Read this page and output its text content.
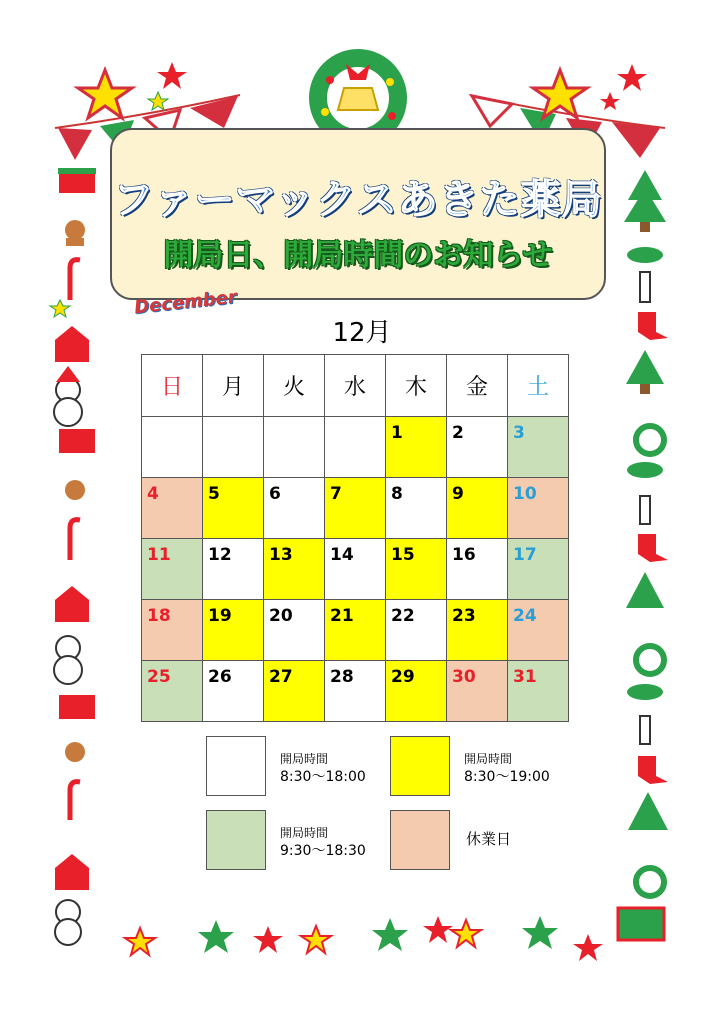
ファーマックスあきた薬局
開局日、開局時間のお知らせ
December
12月
日	月	火	水	木	金	土

				1	2	3

4	5	6	7	8	9	10

11	12	13	14	15	16	17

18	19	20	21	22	23	24

25	26	27	28	29	30	31
開局時間
8:30〜18:00
開局時間
8:30〜19:00
開局時間
9:30〜18:30
休業日
